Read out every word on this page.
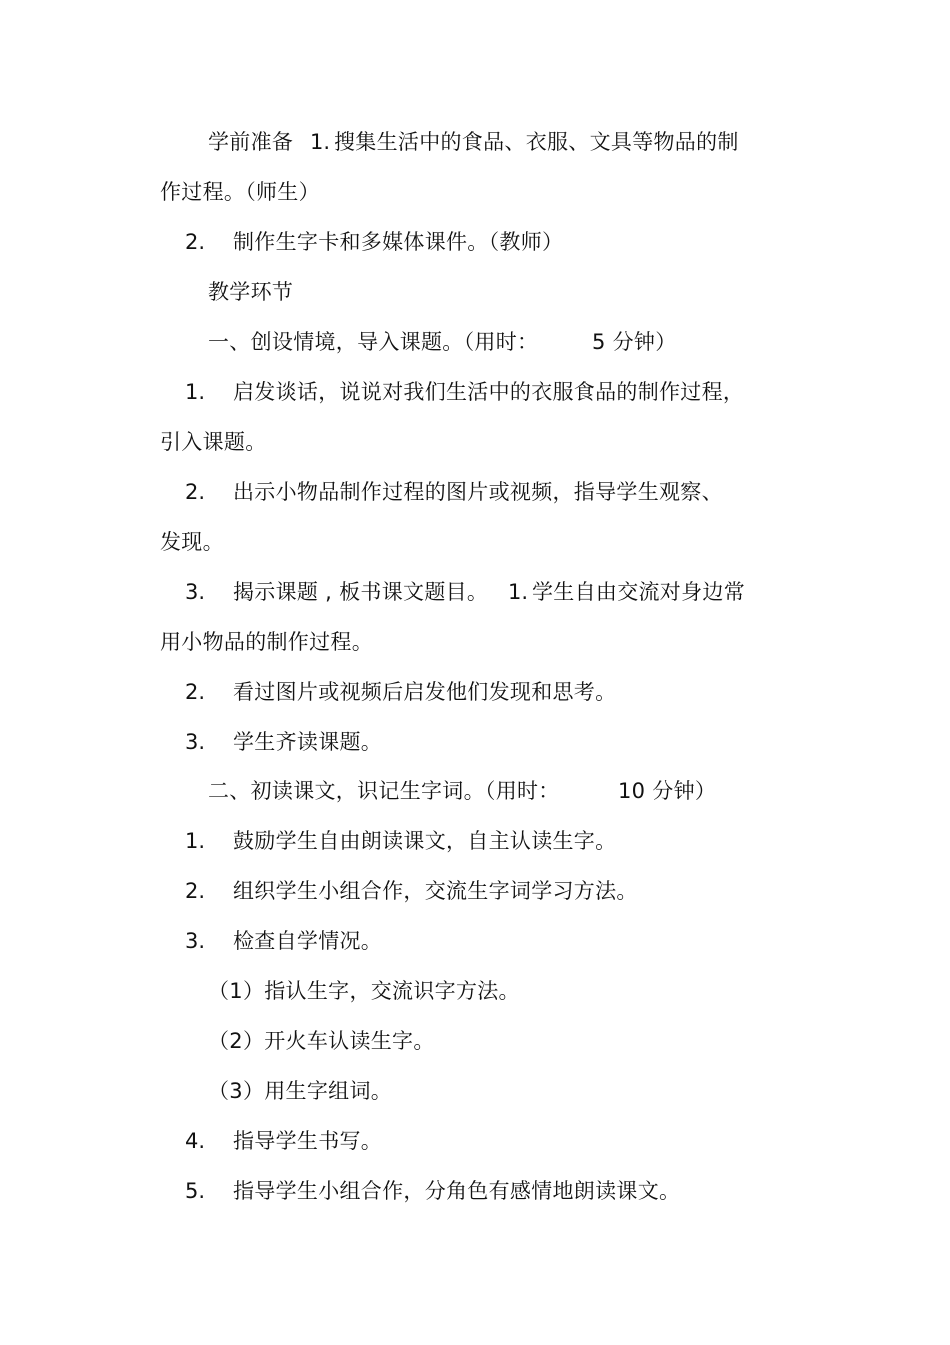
学前准备 1. 搜集生活中的食品、衣服、文具等物品的制
作过程。（师生）
2. 制作生字卡和多媒体课件。（教师）
教学环节
一、创设情境，导入课题。（用时：	5 分钟）
1. 启发谈话，说说对我们生活中的衣服食品的制作过程，
引入课题。
2. 出示小物品制作过程的图片或视频，指导学生观察、
发现。
3. 揭示课题 , 板书课文题目。 1. 学生自由交流对身边常
用小物品的制作过程。
2. 看过图片或视频后启发他们发现和思考。
3. 学生齐读课题。
二、初读课文，识记生字词。（用时：	10 分钟）
1. 鼓励学生自由朗读课文，自主认读生字。
2. 组织学生小组合作，交流生字词学习方法。
3. 检查自学情况。
（1）指认生字，交流识字方法。
（2）开火车认读生字。
（3）用生字组词。
4. 指导学生书写。
5. 指导学生小组合作，分角色有感情地朗读课文。
